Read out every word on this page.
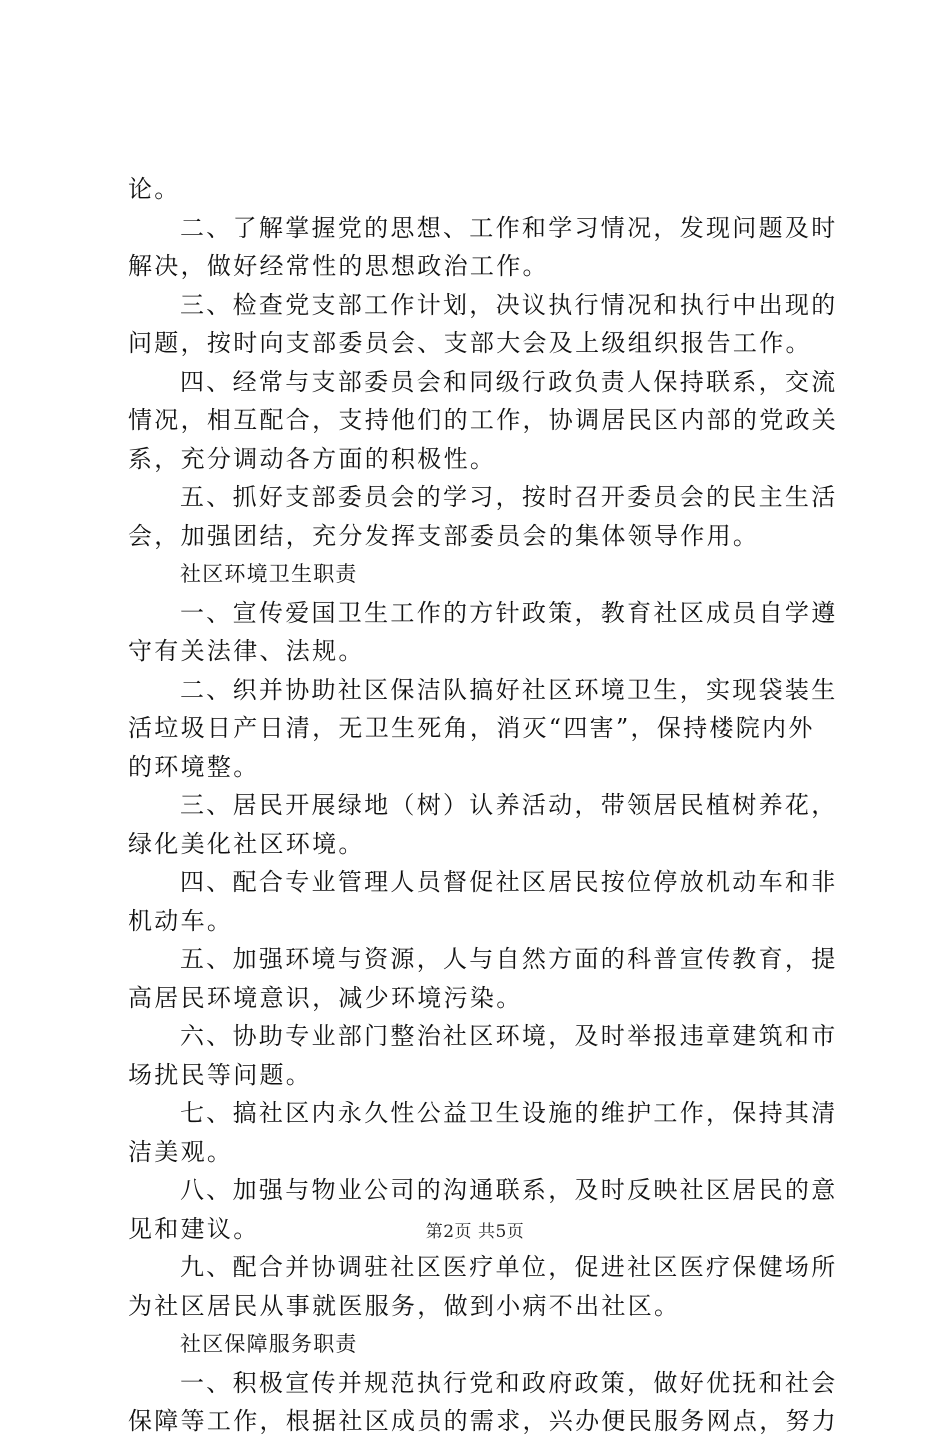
论。
二、了解掌握党的思想、工作和学习情况，发现问题及时
解决，做好经常性的思想政治工作。
三、检查党支部工作计划，决议执行情况和执行中出现的
问题，按时向支部委员会、支部大会及上级组织报告工作。
四、经常与支部委员会和同级行政负责人保持联系，交流
情况，相互配合，支持他们的工作，协调居民区内部的党政关
系，充分调动各方面的积极性。
五、抓好支部委员会的学习，按时召开委员会的民主生活
会，加强团结，充分发挥支部委员会的集体领导作用。
社区环境卫生职责
一、宣传爱国卫生工作的方针政策，教育社区成员自学遵
守有关法律、法规。
二、织并协助社区保洁队搞好社区环境卫生，实现袋装生
活垃圾日产日清，无卫生死角，消灭“四害”，保持楼院内外
的环境整。
三、居民开展绿地（树）认养活动，带领居民植树养花，
绿化美化社区环境。
四、配合专业管理人员督促社区居民按位停放机动车和非
机动车。
五、加强环境与资源，人与自然方面的科普宣传教育，提
高居民环境意识，减少环境污染。
六、协助专业部门整治社区环境，及时举报违章建筑和市
场扰民等问题。
七、搞社区内永久性公益卫生设施的维护工作，保持其清
洁美观。
八、加强与物业公司的沟通联系，及时反映社区居民的意
见和建议。
九、配合并协调驻社区医疗单位，促进社区医疗保健场所
为社区居民从事就医服务，做到小病不出社区。
社区保障服务职责
一、积极宣传并规范执行党和政府政策，做好优抚和社会
保障等工作，根据社区成员的需求，兴办便民服务网点，努力
第2页 共5页
